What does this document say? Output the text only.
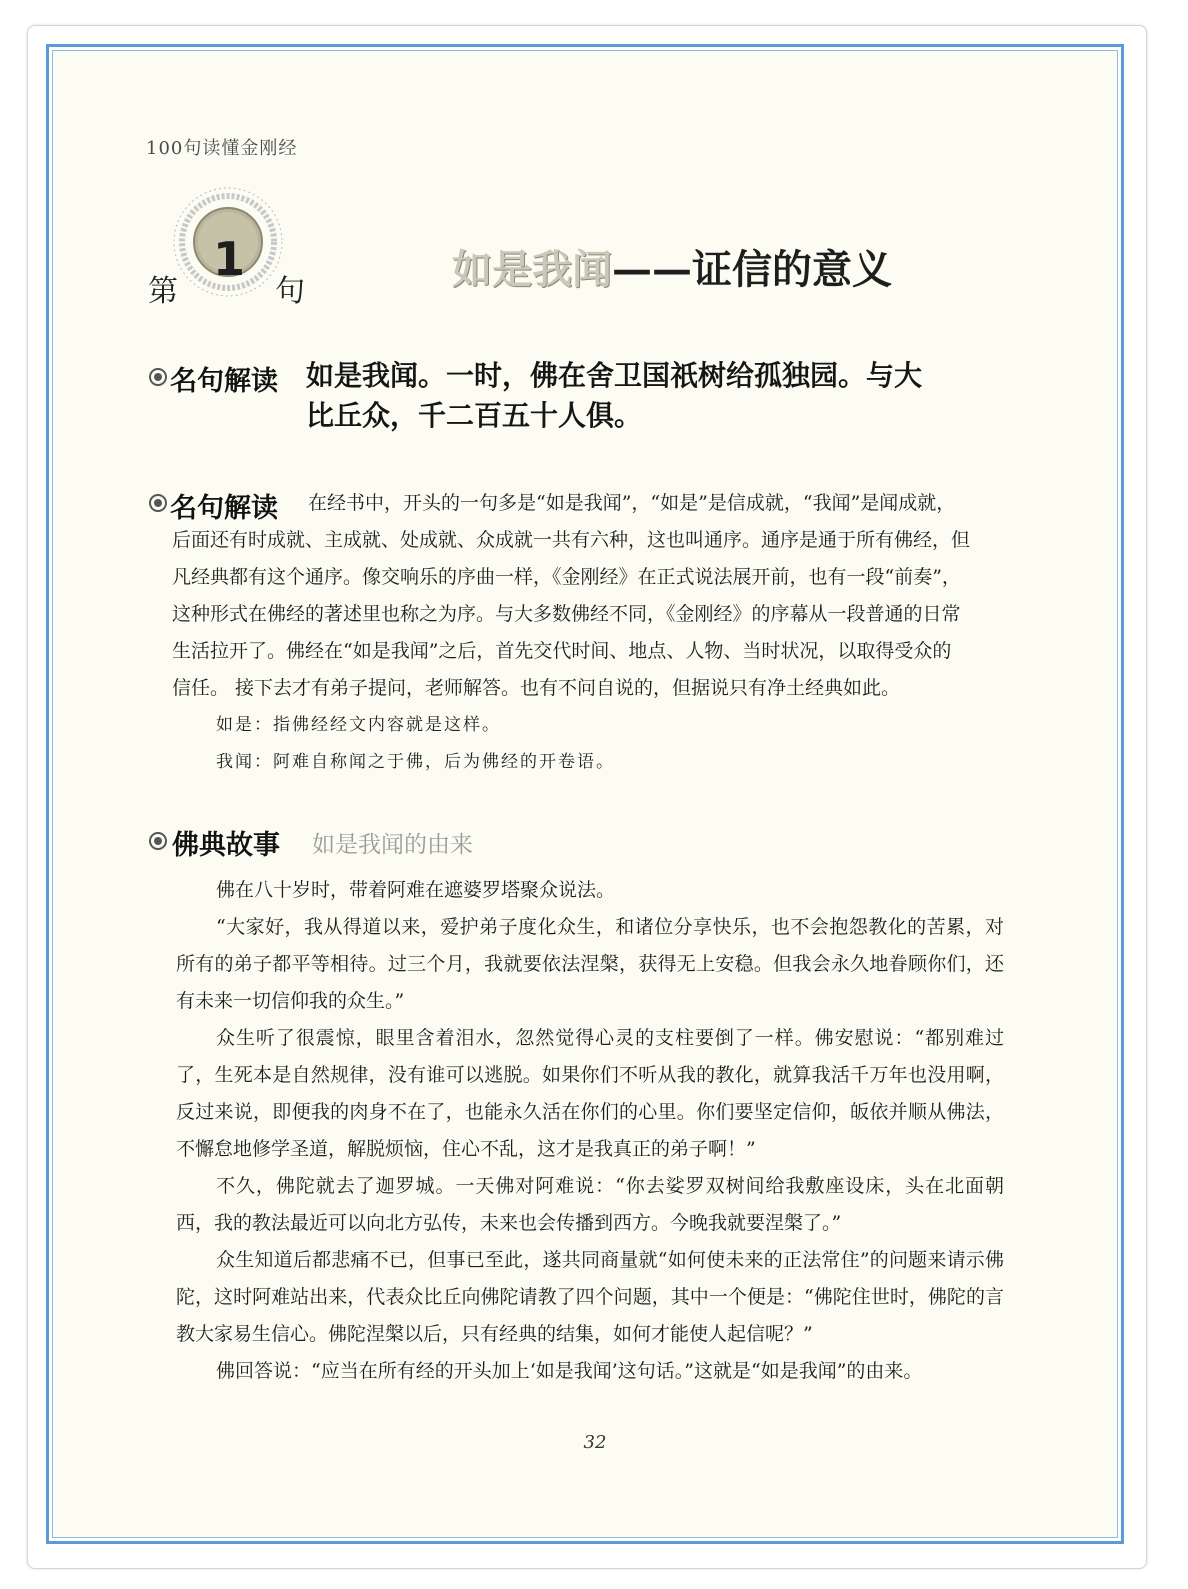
100句读懂金刚经
第
1
句	如是我闻——证信的意义
名句解读 如是我闻。一时，佛在舍卫国祇树给孤独园。与大
比丘众，千二百五十人俱。
名句解读 在经书中，开头的一句多是“如是我闻”，“如是”是信成就，“我闻”是闻成就，

后面还有时成就、主成就、处成就、众成就一共有六种，这也叫通序。通序是通于所有佛经，但

凡经典都有这个通序。像交响乐的序曲一样，《金刚经》在正式说法展开前，也有一段“前奏”，

这种形式在佛经的著述里也称之为序。与大多数佛经不同，《金刚经》的序幕从一段普通的日常

生活拉开了。佛经在“如是我闻”之后，首先交代时间、地点、人物、当时状况，以取得受众的

信任。 接下去才有弟子提问，老师解答。也有不问自说的，但据说只有净土经典如此。

如是：指佛经经文内容就是这样。

我闻：阿难自称闻之于佛，后为佛经的开卷语。

佛典故事 如是我闻的由来

佛在八十岁时，带着阿难在遮婆罗塔聚众说法。

“大家好，我从得道以来，爱护弟子度化众生，和诸位分享快乐，也不会抱怨教化的苦累，对所有的弟子都平等相待。过三个月，我就要依法涅槃，获得无上安稳。但我会永久地眷顾你们，还有未来一切信仰我的众生。”

众生听了很震惊，眼里含着泪水，忽然觉得心灵的支柱要倒了一样。佛安慰说：“都别难过了，生死本是自然规律，没有谁可以逃脱。如果你们不听从我的教化，就算我活千万年也没用啊，反过来说，即便我的肉身不在了，也能永久活在你们的心里。你们要坚定信仰，皈依并顺从佛法，不懈怠地修学圣道，解脱烦恼，住心不乱，这才是我真正的弟子啊！”

不久，佛陀就去了迦罗城。一天佛对阿难说：“你去娑罗双树间给我敷座设床，头在北面朝西，我的教法最近可以向北方弘传，未来也会传播到西方。今晚我就要涅槃了。”

众生知道后都悲痛不已，但事已至此，遂共同商量就“如何使未来的正法常住”的问题来请示佛陀，这时阿难站出来，代表众比丘向佛陀请教了四个问题，其中一个便是：“佛陀住世时，佛陀的言教大家易生信心。佛陀涅槃以后，只有经典的结集，如何才能使人起信呢？”

佛回答说：“应当在所有经的开头加上‘如是我闻’这句话。”这就是“如是我闻”的由来。

32
